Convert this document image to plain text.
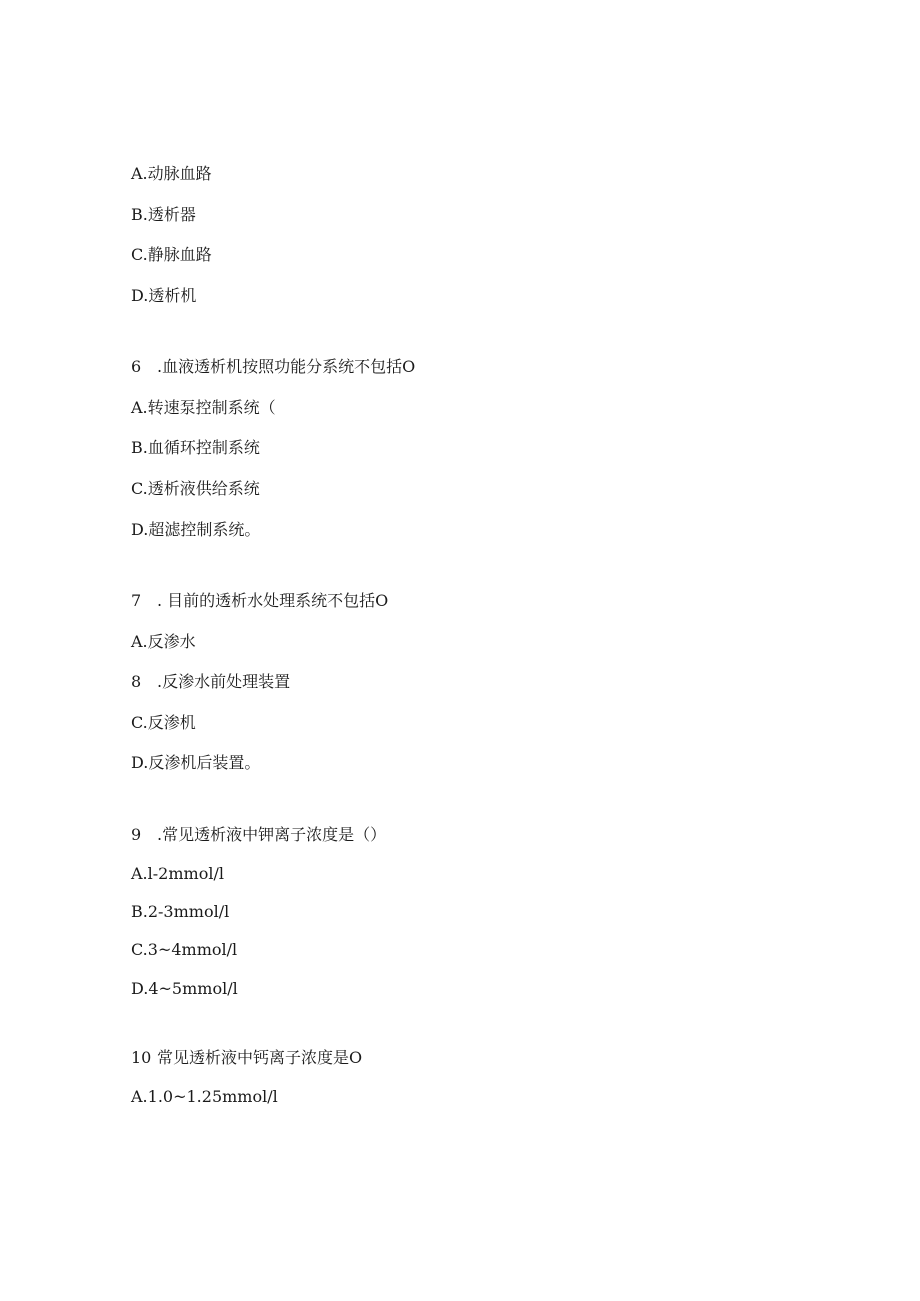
A.动脉血路
B.透析器
C.静脉血路
D.透析机
6 .血液透析机按照功能分系统不包括O
A.转速泵控制系统（
B.血循环控制系统
C.透析液供给系统
D.超滤控制系统。
7 . 目前的透析水处理系统不包括O
A.反渗水
8 .反渗水前处理装置
C.反渗机
D.反渗机后装置。
9 .常见透析液中钾离子浓度是（）
A.l-2mmol/l
B.2-3mmol/l
C.3~4mmol/l
D.4~5mmol/l
10 常见透析液中钙离子浓度是O
A.1.0~1.25mmol/l
